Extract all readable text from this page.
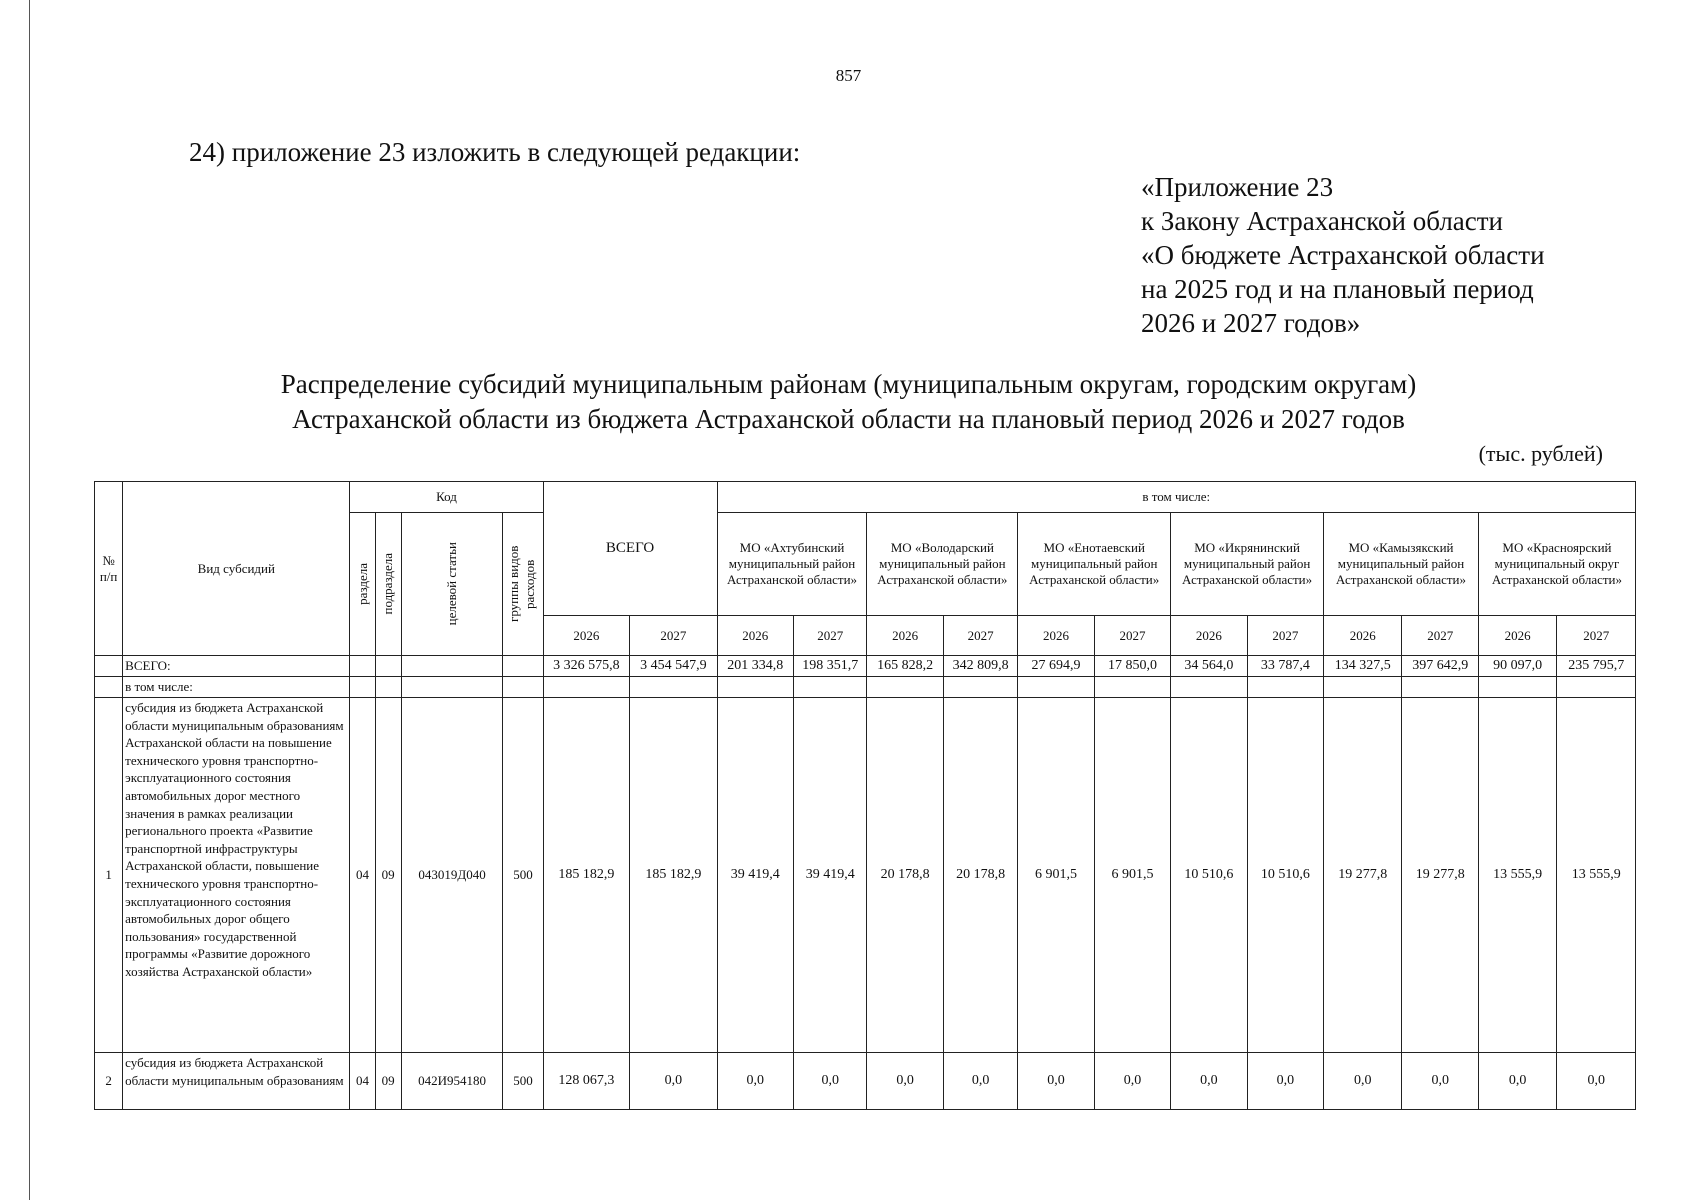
857
24) приложение 23 изложить в следующей редакции:
«Приложение 23
к Закону Астраханской области
«О бюджете Астраханской области
на 2025 год и на плановый период
2026 и 2027 годов»
Распределение субсидий муниципальным районам (муниципальным округам, городским округам)
Астраханской области из бюджета Астраханской области на плановый период 2026 и 2027 годов
(тыс. рублей)
№ п/п	Вид субсидий	Код				ВСЕГО		в том числе:											

		раздела	подраздела	целевой статьи	группы видов расходов			МО «Ахтубинский муниципальный район Астраханской области»		МО «Володарский муниципальный район Астраханской области»		МО «Енотаевский муниципальный район Астраханской области»		МО «Икрянинский муниципальный район Астраханской области»		МО «Камызякский муниципальный район Астраханской области»		МО «Красноярский муниципальный округ Астраханской области»	
						2026	2027	2026	2027	2026	2027	2026	2027	2026	2027	2026	2027	2026	2027
	ВСЕГО:					3 326 575,8	3 454 547,9	201 334,8	198 351,7	165 828,2	342 809,8	27 694,9	17 850,0	34 564,0	33 787,4	134 327,5	397 642,9	90 097,0	235 795,7
	в том числе:																		
1	субсидия из бюджета Астраханской области муниципальным образованиям Астраханской области на повышение технического уровня транспортно-эксплуатационного состояния автомобильных дорог местного значения в рамках реализации регионального проекта «Развитие транспортной инфраструктуры Астраханской области, повышение технического уровня транспортно-эксплуатационного состояния автомобильных дорог общего пользования» государственной программы «Развитие дорожного хозяйства Астраханской области»	04	09	043019Д040	500	185 182,9	185 182,9	39 419,4	39 419,4	20 178,8	20 178,8	6 901,5	6 901,5	10 510,6	10 510,6	19 277,8	19 277,8	13 555,9	13 555,9
2	субсидия из бюджета Астраханской области муниципальным образованиям	04	09	042И954180	500	128 067,3	0,0	0,0	0,0	0,0	0,0	0,0	0,0	0,0	0,0	0,0	0,0	0,0	0,0
